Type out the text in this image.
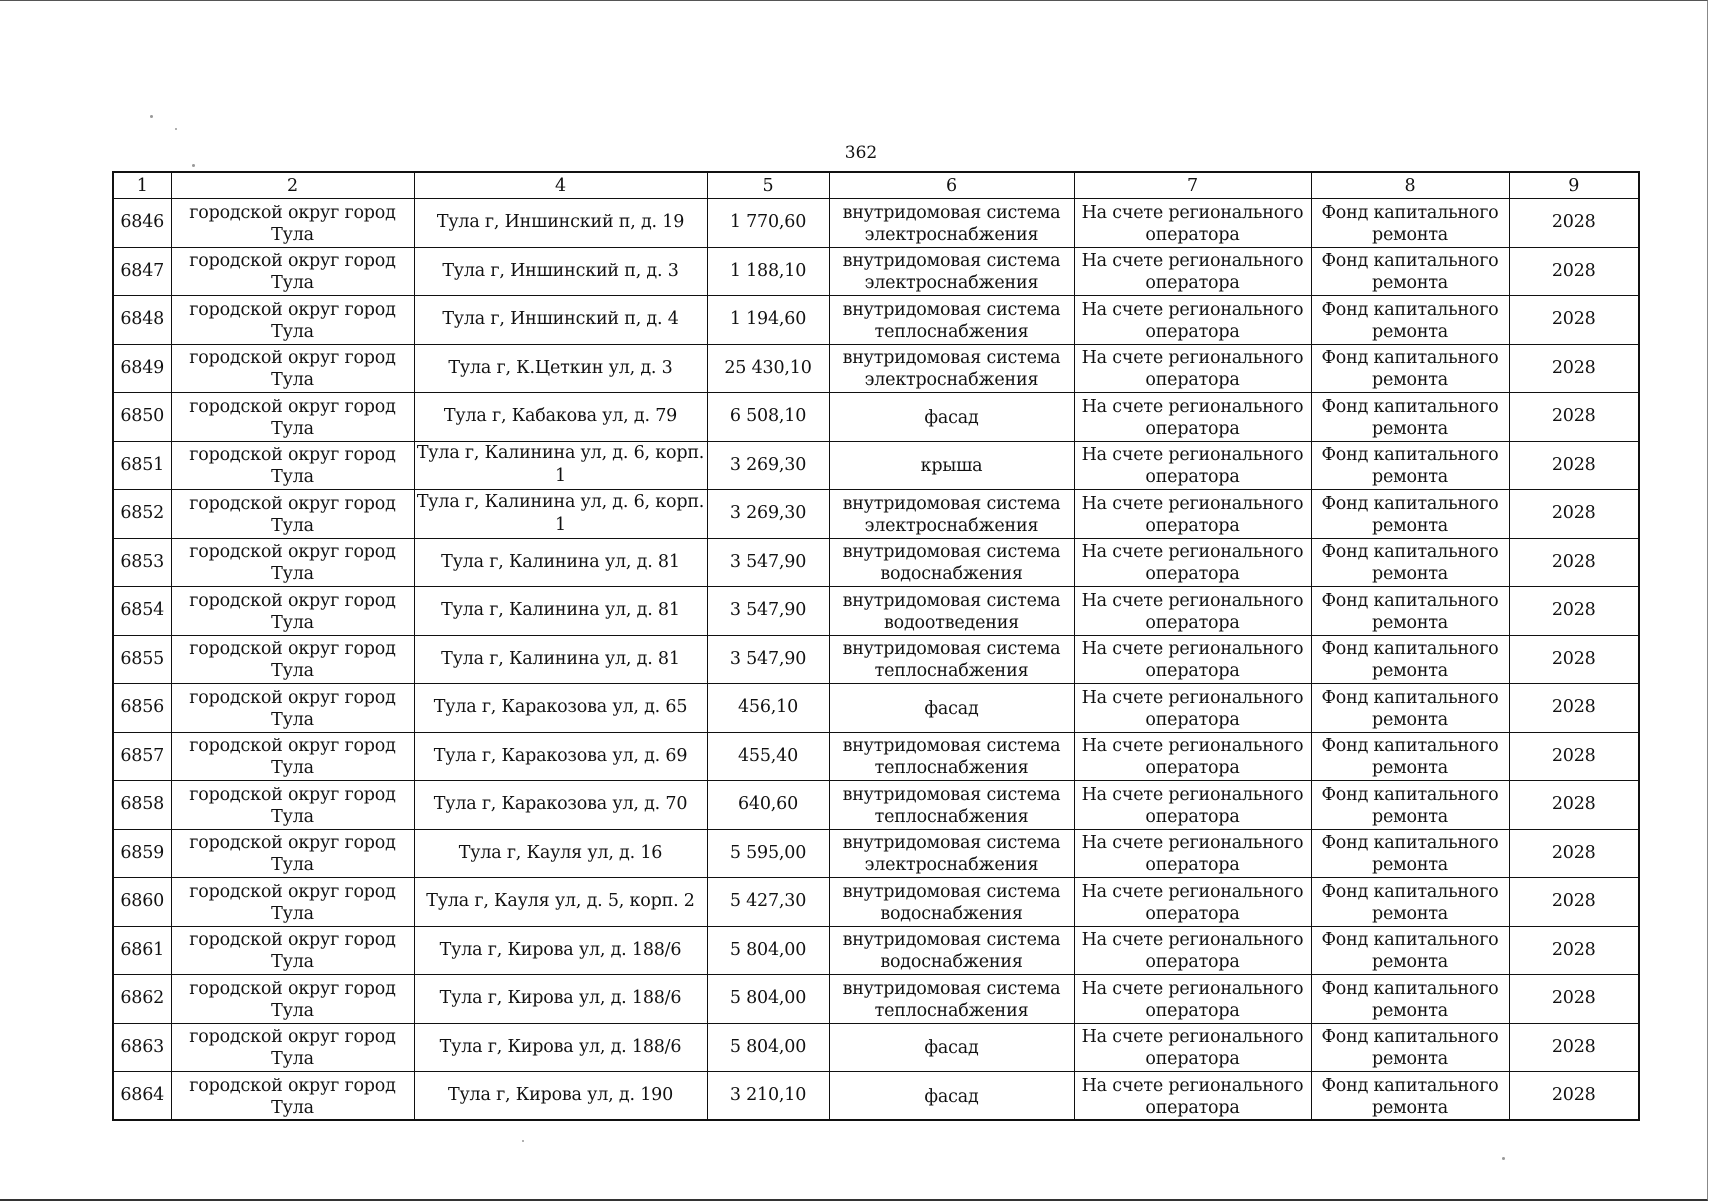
362
1	2	4	5	6	7	8	9
6846	городской округ город Тула	Тула г, Иншинский п, д. 19	1 770,60	внутридомовая система электроснабжения	На счете регионального оператора	Фонд капитального ремонта	2028
6847	городской округ город Тула	Тула г, Иншинский п, д. 3	1 188,10	внутридомовая система электроснабжения	На счете регионального оператора	Фонд капитального ремонта	2028
6848	городской округ город Тула	Тула г, Иншинский п, д. 4	1 194,60	внутридомовая система теплоснабжения	На счете регионального оператора	Фонд капитального ремонта	2028
6849	городской округ город Тула	Тула г, К.Цеткин ул, д. 3	25 430,10	внутридомовая система электроснабжения	На счете регионального оператора	Фонд капитального ремонта	2028
6850	городской округ город Тула	Тула г, Кабакова ул, д. 79	6 508,10	фасад	На счете регионального оператора	Фонд капитального ремонта	2028
6851	городской округ город Тула	Тула г, Калинина ул, д. 6, корп. 1	3 269,30	крыша	На счете регионального оператора	Фонд капитального ремонта	2028
6852	городской округ город Тула	Тула г, Калинина ул, д. 6, корп. 1	3 269,30	внутридомовая система электроснабжения	На счете регионального оператора	Фонд капитального ремонта	2028
6853	городской округ город Тула	Тула г, Калинина ул, д. 81	3 547,90	внутридомовая система водоснабжения	На счете регионального оператора	Фонд капитального ремонта	2028
6854	городской округ город Тула	Тула г, Калинина ул, д. 81	3 547,90	внутридомовая система водоотведения	На счете регионального оператора	Фонд капитального ремонта	2028
6855	городской округ город Тула	Тула г, Калинина ул, д. 81	3 547,90	внутридомовая система теплоснабжения	На счете регионального оператора	Фонд капитального ремонта	2028
6856	городской округ город Тула	Тула г, Каракозова ул, д. 65	456,10	фасад	На счете регионального оператора	Фонд капитального ремонта	2028
6857	городской округ город Тула	Тула г, Каракозова ул, д. 69	455,40	внутридомовая система теплоснабжения	На счете регионального оператора	Фонд капитального ремонта	2028
6858	городской округ город Тула	Тула г, Каракозова ул, д. 70	640,60	внутридомовая система теплоснабжения	На счете регионального оператора	Фонд капитального ремонта	2028
6859	городской округ город Тула	Тула г, Кауля ул, д. 16	5 595,00	внутридомовая система электроснабжения	На счете регионального оператора	Фонд капитального ремонта	2028
6860	городской округ город Тула	Тула г, Кауля ул, д. 5, корп. 2	5 427,30	внутридомовая система водоснабжения	На счете регионального оператора	Фонд капитального ремонта	2028
6861	городской округ город Тула	Тула г, Кирова ул, д. 188/6	5 804,00	внутридомовая система водоснабжения	На счете регионального оператора	Фонд капитального ремонта	2028
6862	городской округ город Тула	Тула г, Кирова ул, д. 188/6	5 804,00	внутридомовая система теплоснабжения	На счете регионального оператора	Фонд капитального ремонта	2028
6863	городской округ город Тула	Тула г, Кирова ул, д. 188/6	5 804,00	фасад	На счете регионального оператора	Фонд капитального ремонта	2028
6864	городской округ город Тула	Тула г, Кирова ул, д. 190	3 210,10	фасад	На счете регионального оператора	Фонд капитального ремонта	2028
